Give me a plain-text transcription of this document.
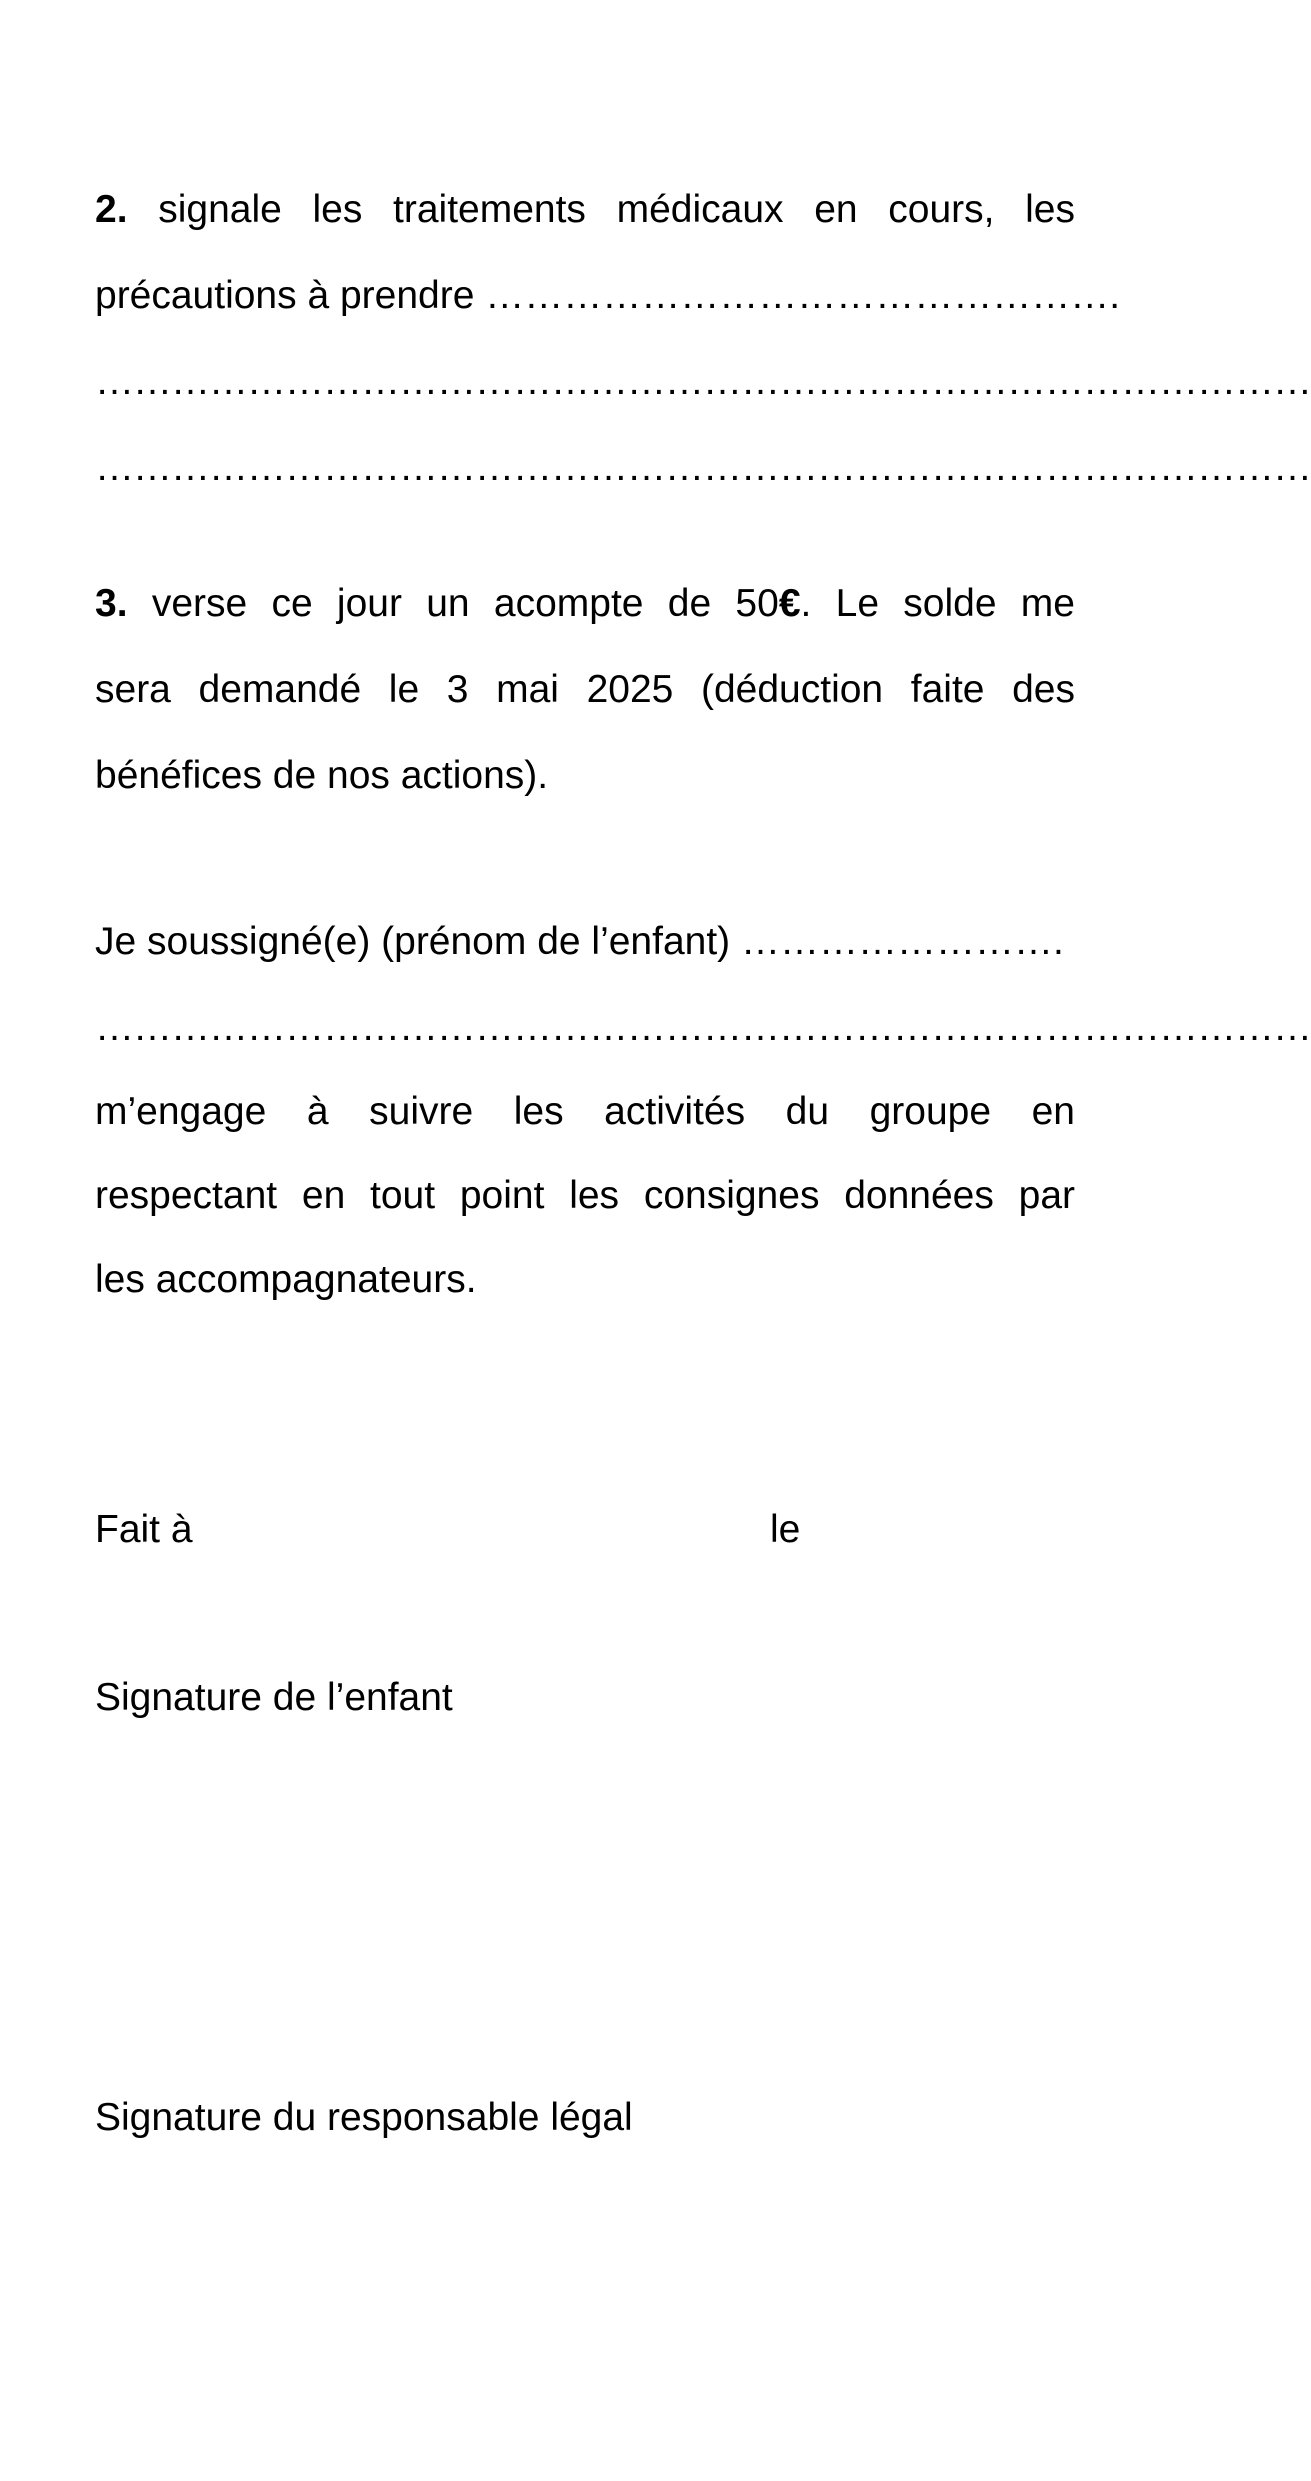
2. signale les traitements médicaux en cours, les
précautions à prendre ………………………………………….
……………………………………………………………………………………
……………………………………………………………………………………
3. verse ce jour un acompte de 50€. Le solde me
sera demandé le 3 mai 2025 (déduction faite des
bénéfices de nos actions).
Je soussigné(e) (prénom de l’enfant) …………………….
……………………………………………………………………………………
m’engage à suivre les activités du groupe en
respectant en tout point les consignes données par
les accompagnateurs.
Fait à	le
Signature de l’enfant
Signature du responsable légal
